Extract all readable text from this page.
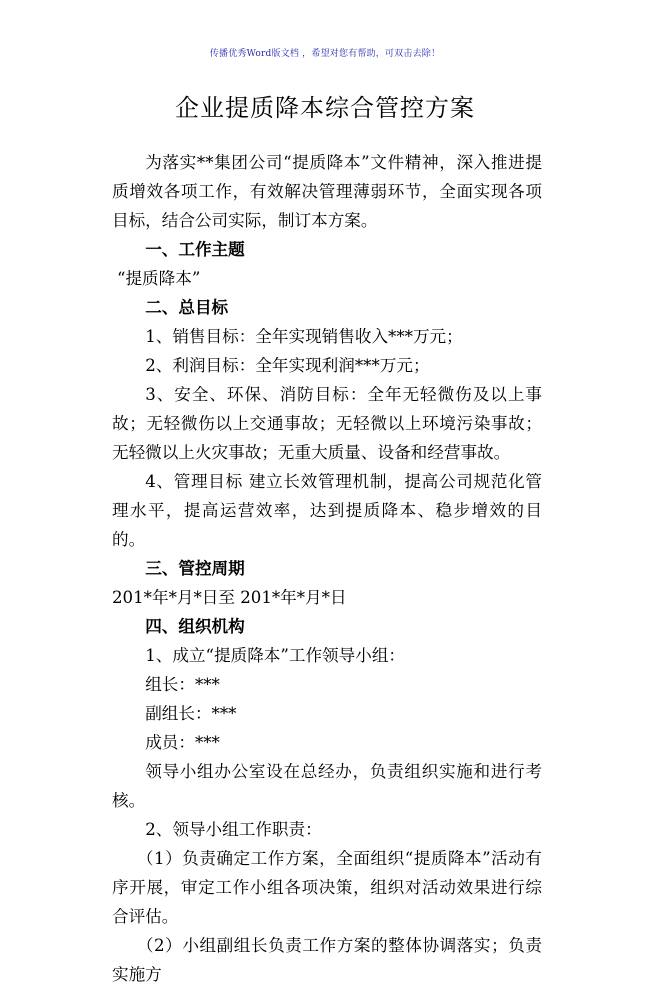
传播优秀Word版文档 ，希望对您有帮助，可双击去除！
企业提质降本综合管控方案

为落实**集团公司“提质降本”文件精神，深入推进提质增效各项工作，有效解决管理薄弱环节，全面实现各项目标，结合公司实际，制订本方案。

一、工作主题

“提质降本”

二、总目标

1、销售目标：全年实现销售收入***万元；

2、利润目标：全年实现利润***万元；

3、安全、环保、消防目标：全年无轻微伤及以上事故；无轻微伤以上交通事故；无轻微以上环境污染事故；无轻微以上火灾事故；无重大质量、设备和经营事故。

4、管理目标 建立长效管理机制，提高公司规范化管理水平，提高运营效率，达到提质降本、稳步增效的目的。

三、管控周期

201*年*月*日至 201*年*月*日

四、组织机构

1、成立“提质降本”工作领导小组：

组长：***

副组长：***

成员：***

领导小组办公室设在总经办，负责组织实施和进行考核。

2、领导小组工作职责：

（1）负责确定工作方案，全面组织“提质降本”活动有序开展，审定工作小组各项决策，组织对活动效果进行综合评估。

（2）小组副组长负责工作方案的整体协调落实；负责实施方
